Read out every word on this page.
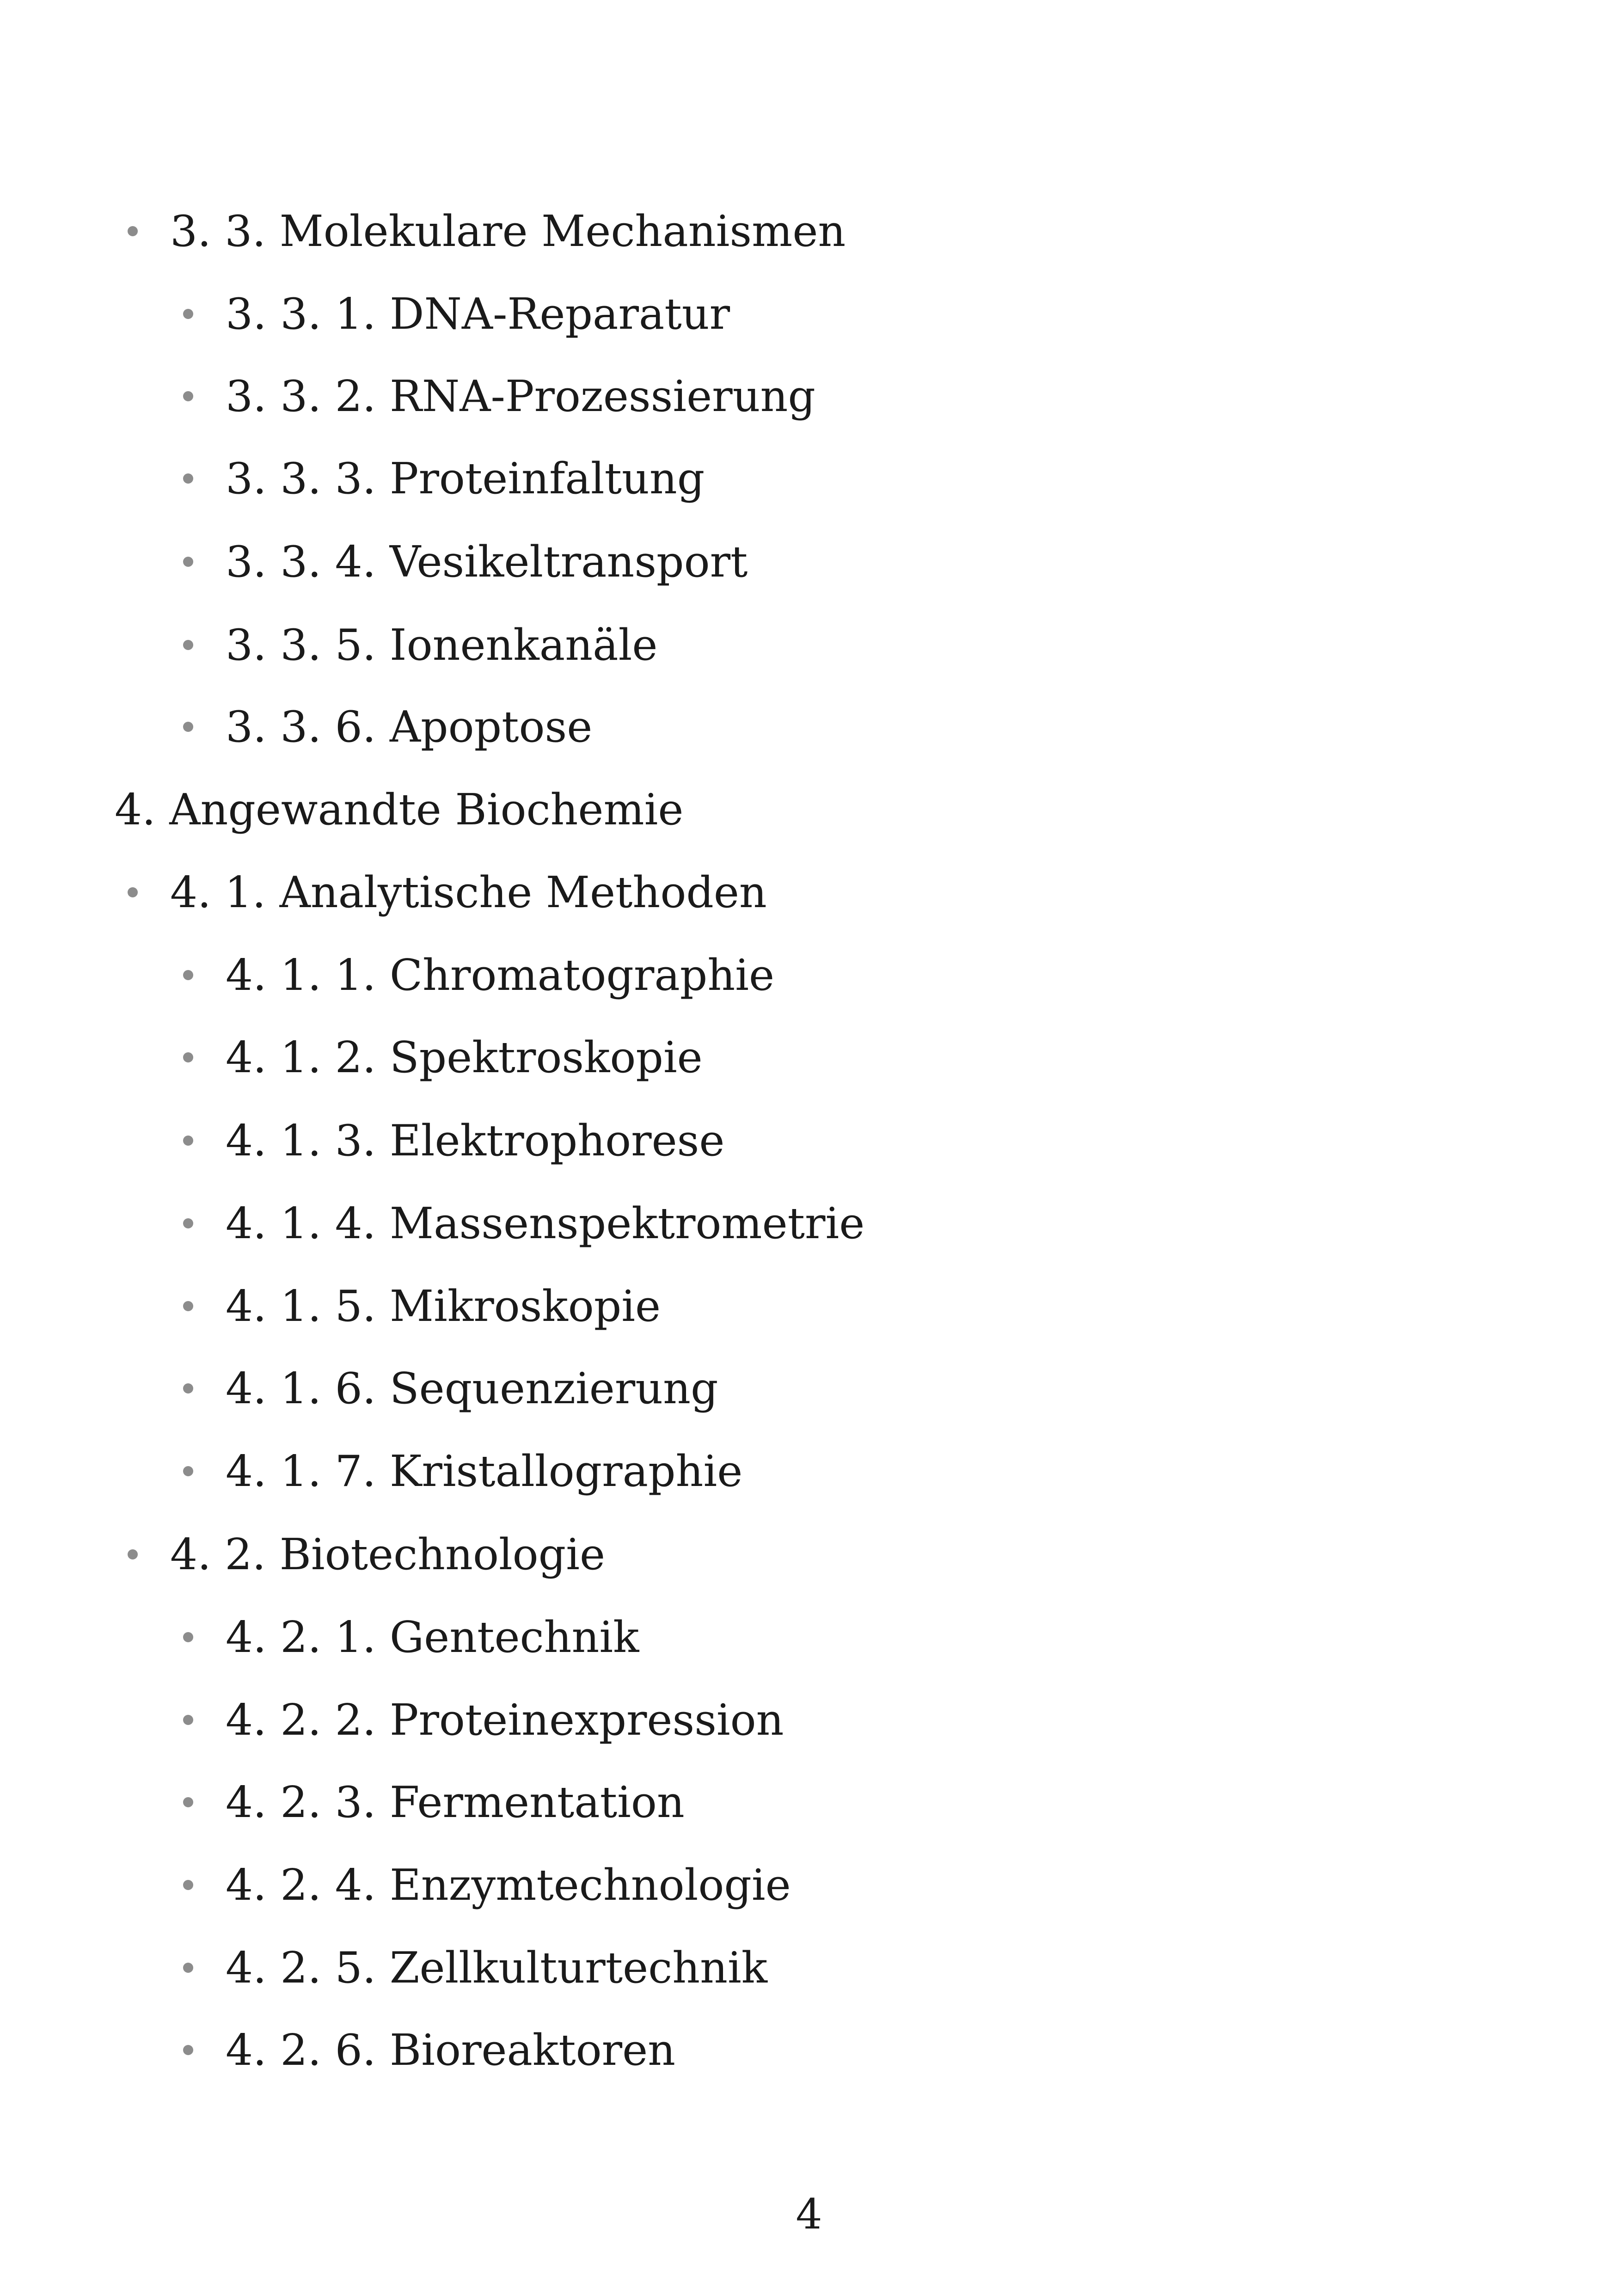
3. 3. Molekulare Mechanismen
3. 3. 1. DNA-Reparatur
3. 3. 2. RNA-Prozessierung
3. 3. 3. Proteinfaltung
3. 3. 4. Vesikeltransport
3. 3. 5. Ionenkanäle
3. 3. 6. Apoptose
4. Angewandte Biochemie
4. 1. Analytische Methoden
4. 1. 1. Chromatographie
4. 1. 2. Spektroskopie
4. 1. 3. Elektrophorese
4. 1. 4. Massenspektrometrie
4. 1. 5. Mikroskopie
4. 1. 6. Sequenzierung
4. 1. 7. Kristallographie
4. 2. Biotechnologie
4. 2. 1. Gentechnik
4. 2. 2. Proteinexpression
4. 2. 3. Fermentation
4. 2. 4. Enzymtechnologie
4. 2. 5. Zellkulturtechnik
4. 2. 6. Bioreaktoren
4
